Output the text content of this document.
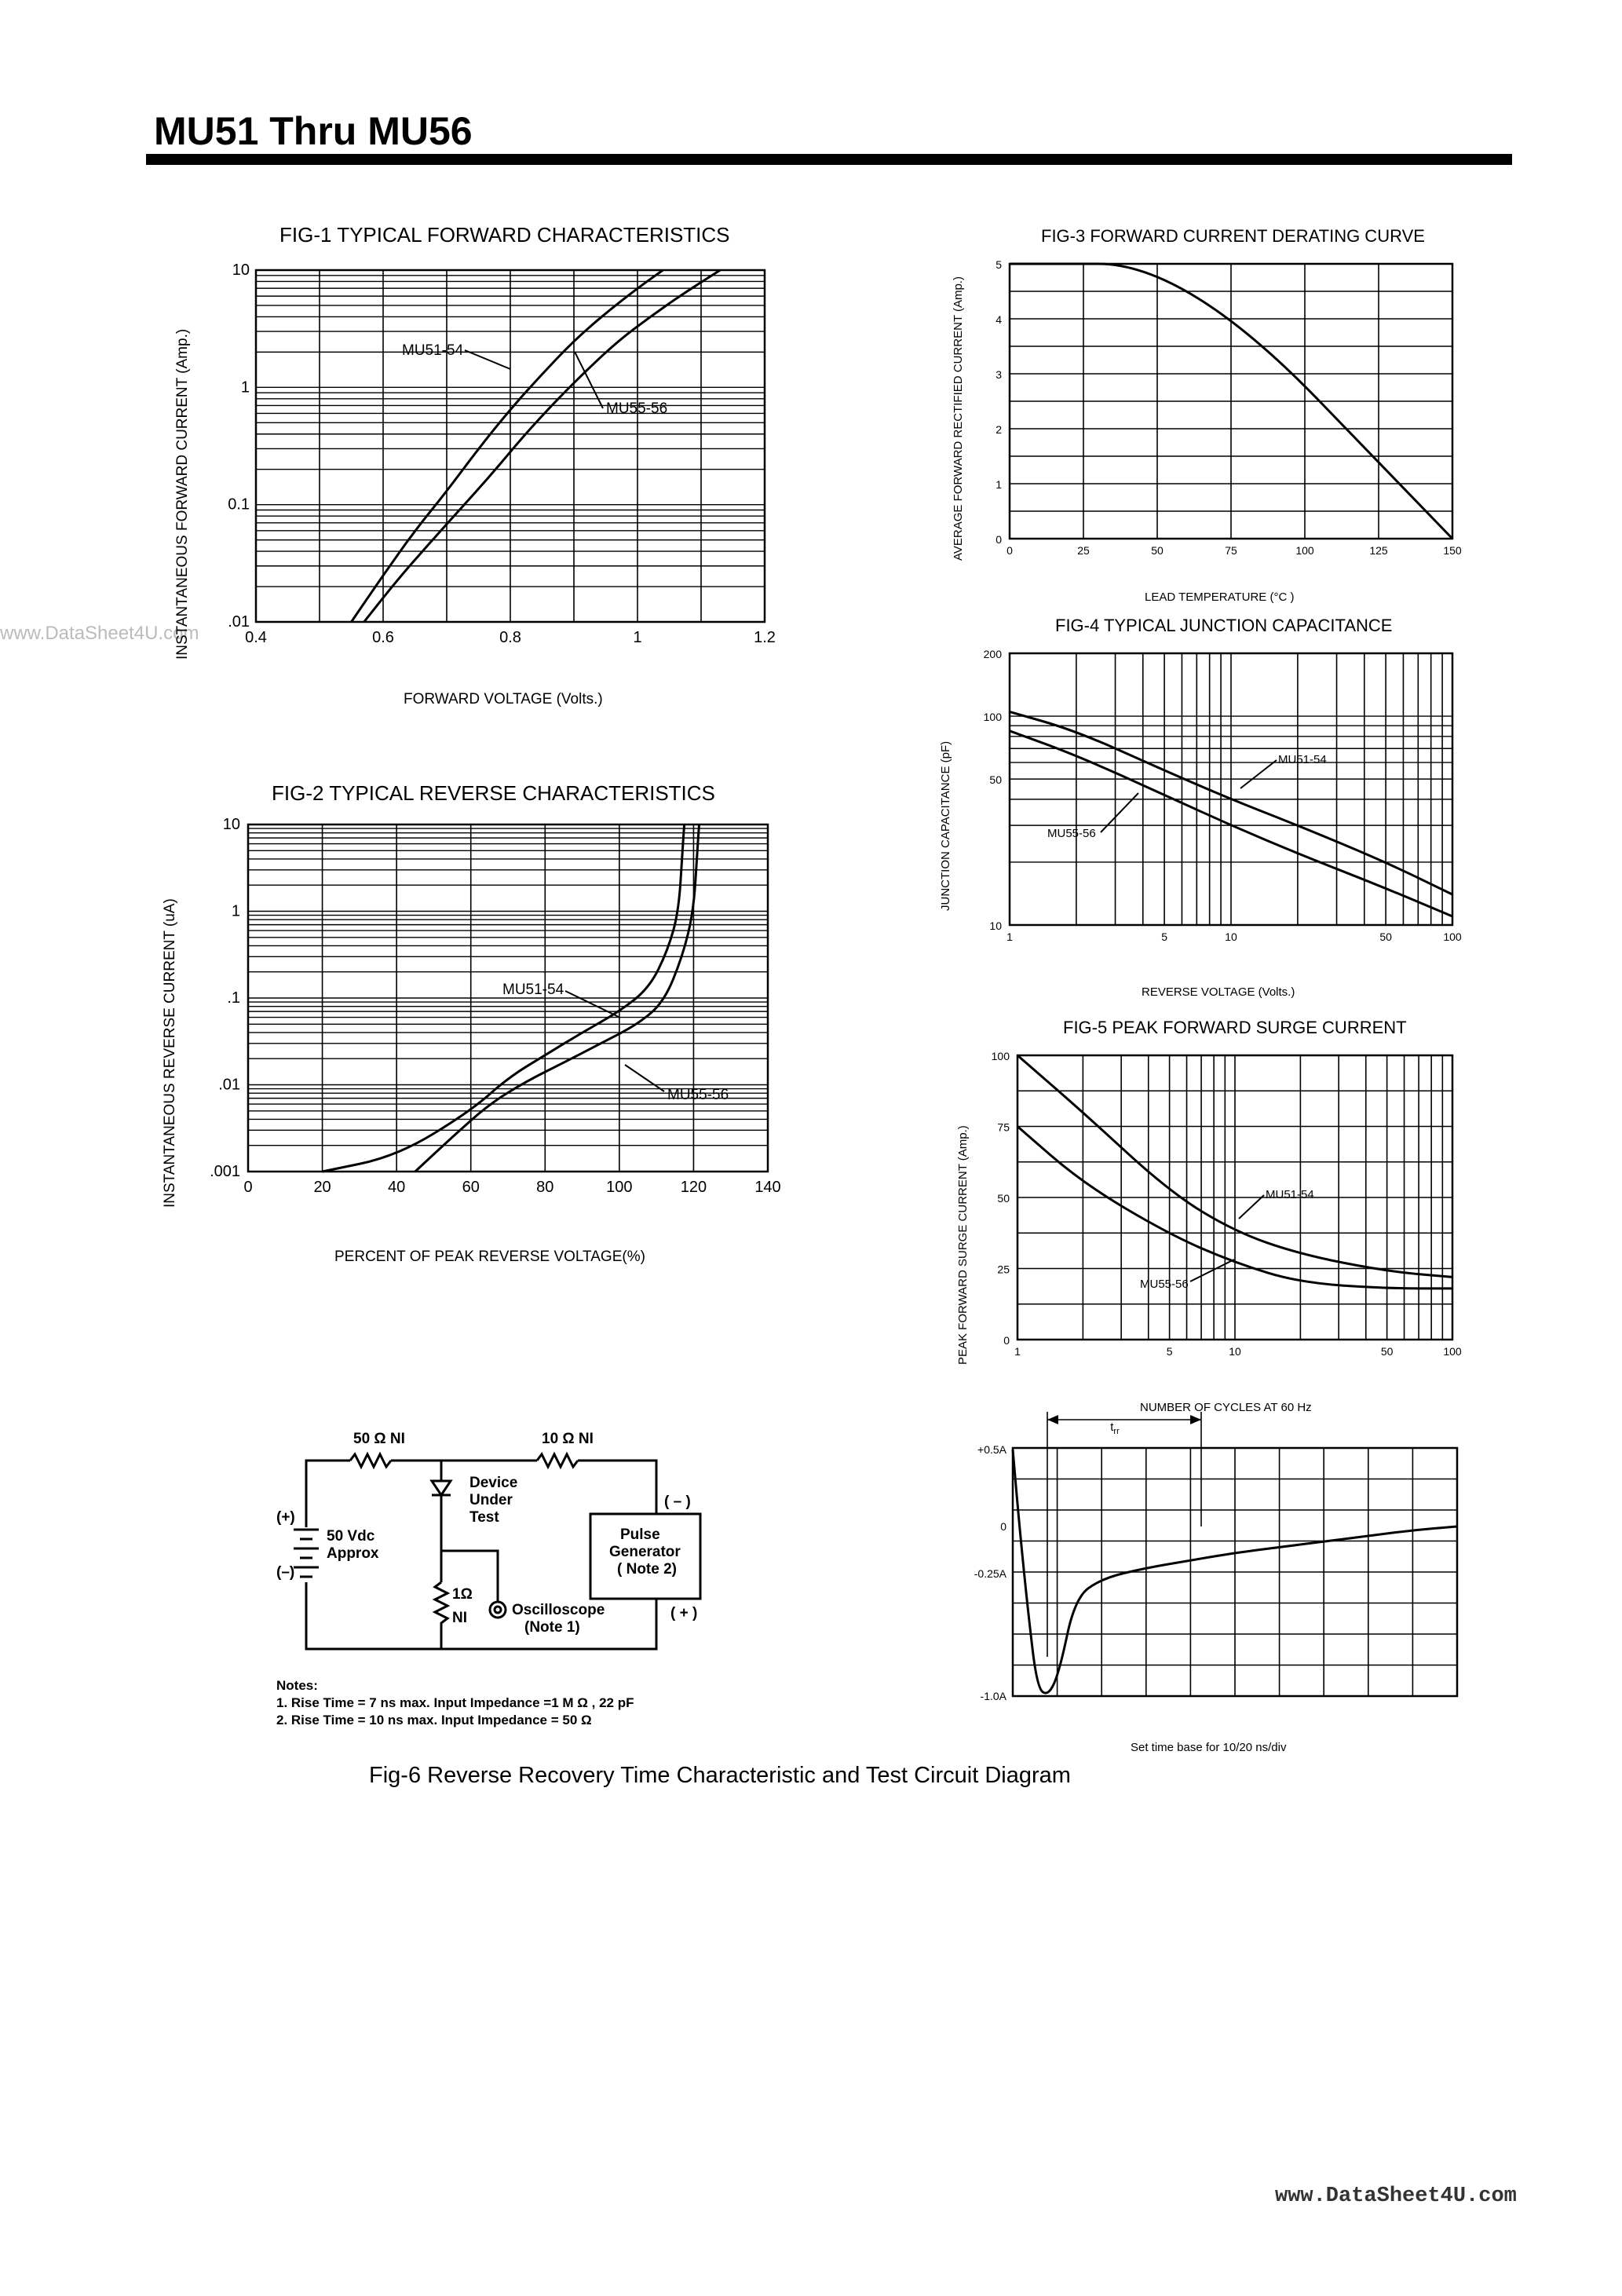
MU51 Thru MU56
www.DataSheet4U.com
FIG-1 TYPICAL FORWARD CHARACTERISTICS
INSTANTANEOUS FORWARD CURRENT (Amp.)
FORWARD VOLTAGE (Volts.)
0.4	0.6	0.8	1	1.2
10
1
0.1
.01
MU51-54
MU55-56
FIG-2 TYPICAL REVERSE CHARACTERISTICS
INSTANTANEOUS REVERSE CURRENT (uA)
PERCENT OF PEAK REVERSE VOLTAGE(%)
0	20	40	60	80	100	120	140
10
1
.1
.01
.001
MU51-54
MU55-56
FIG-3 FORWARD CURRENT DERATING CURVE
AVERAGE FORWARD RECTIFIED CURRENT (Amp.)
LEAD TEMPERATURE (°C )
0	25	50	75	100	125	150
5
4
3
2
1
0
FIG-4 TYPICAL JUNCTION CAPACITANCE
JUNCTION CAPACITANCE (pF)
REVERSE VOLTAGE (Volts.)
1	5	10	50	100
200
100
50
10
MU51-54
MU55-56
FIG-5 PEAK FORWARD SURGE CURRENT
PEAK FORWARD SURGE CURRENT (Amp.)
NUMBER OF CYCLES AT 60 Hz
1	5	10	50	100
100
75
50
25
0
MU51-54
MU55-56
+0.5A
0
-0.25A
-1.0A
$t_{rr}$
Set time base for 10/20 ns/div
50 Ω NI	10 Ω NI
Device
Under
Test
(+)
(–)
50 Vdc
Approx
1Ω
NI	Oscilloscope
(Note 1)
Pulse
Generator
( Note 2)
( – )
( + )
Notes:
1. Rise Time = 7 ns max. Input Impedance =1 M Ω , 22 pF
2. Rise Time = 10 ns max. Input Impedance = 50 Ω
Fig-6 Reverse Recovery Time Characteristic and Test Circuit Diagram
www.DataSheet4U.com
